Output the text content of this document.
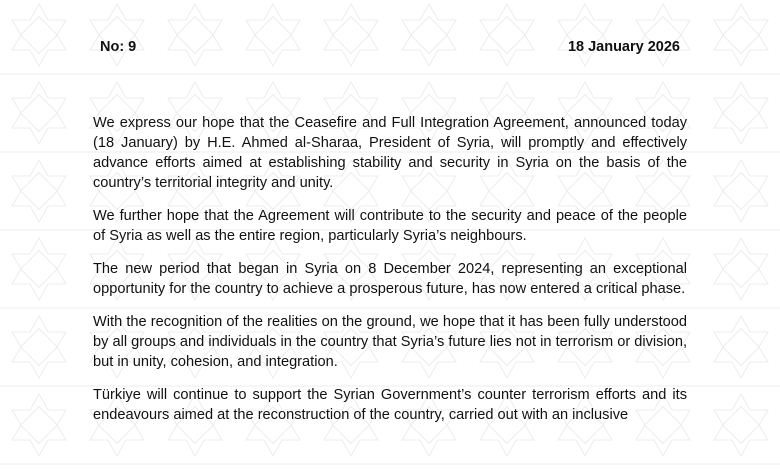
No: 9	18 January 2026

We express our hope that the Ceasefire and Full Integration Agreement, announced today (18 January) by H.E. Ahmed al-Sharaa, President of Syria, will promptly and effectively advance efforts aimed at establishing stability and security in Syria on the basis of the country’s territorial integrity and unity.

We further hope that the Agreement will contribute to the security and peace of the people of Syria as well as the entire region, particularly Syria’s neighbours.

The new period that began in Syria on 8 December 2024, representing an exceptional opportunity for the country to achieve a prosperous future, has now entered a critical phase.

With the recognition of the realities on the ground, we hope that it has been fully understood by all groups and individuals in the country that Syria’s future lies not in terrorism or division, but in unity, cohesion, and integration.

Türkiye will continue to support the Syrian Government’s counter terrorism efforts and its endeavours aimed at the reconstruction of the country, carried out with an inclusive
